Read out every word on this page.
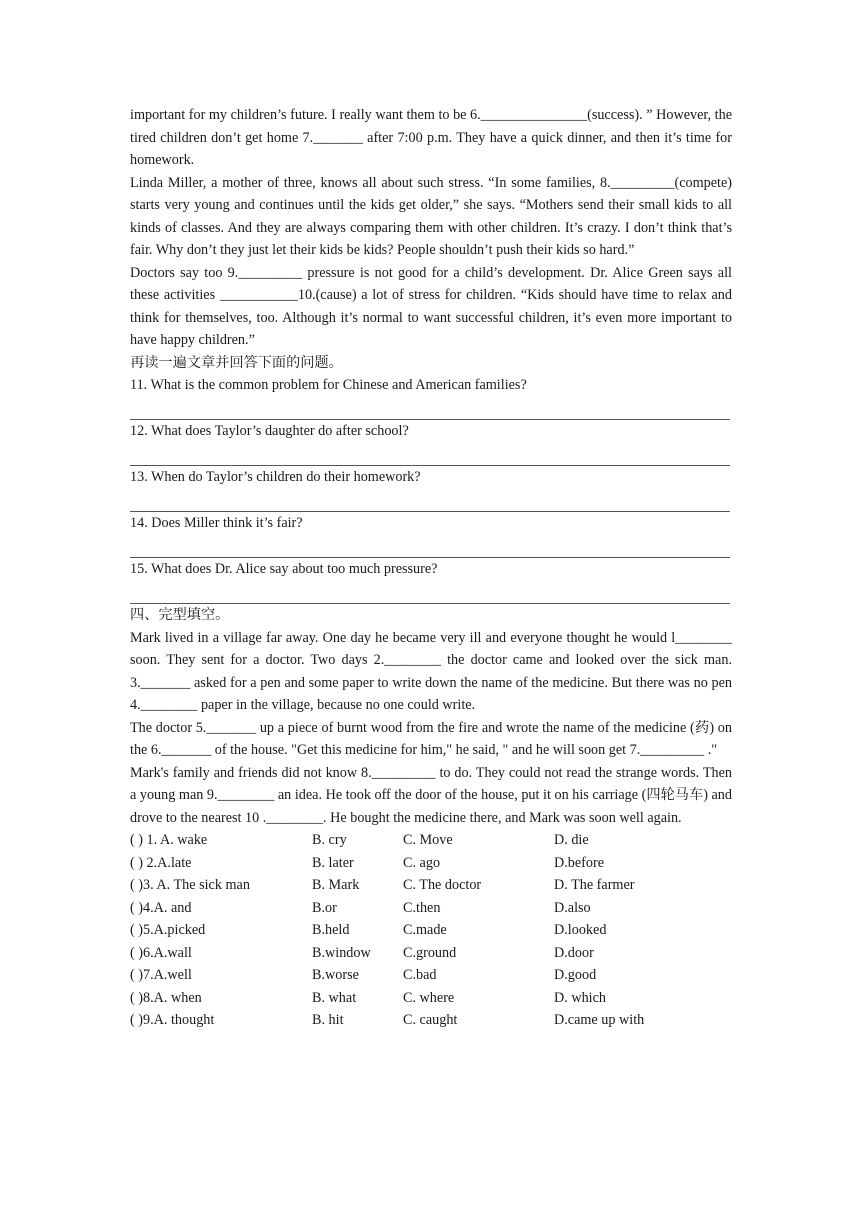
important for my children’s future. I really want them to be 6._______________(success). ” However, the tired children don’t get home 7._______ after 7:00 p.m. They have a quick dinner, and then it’s time for homework.

Linda Miller, a mother of three, knows all about such stress. “In some families, 8._________(compete) starts very young and continues until the kids get older,” she says. “Mothers send their small kids to all kinds of classes. And they are always comparing them with other children. It’s crazy. I don’t think that’s fair. Why don’t they just let their kids be kids? People shouldn’t push their kids so hard.”

Doctors say too 9._________ pressure is not good for a child’s development. Dr. Alice Green says all these activities ___________10.(cause) a lot of stress for children. “Kids should have time to relax and think for themselves, too. Although it’s normal to want successful children, it’s even more important to have happy children.”

再读一遍文章并回答下面的问题。

11. What is the common problem for Chinese and American families?

12. What does Taylor’s daughter do after school?

13. When do Taylor’s children do their homework?

14. Does Miller think it’s fair?

15. What does Dr. Alice say about too much pressure?

四、完型填空。

Mark lived in a village far away. One day he became very ill and everyone thought he would l________ soon. They sent for a doctor. Two days 2.________ the doctor came and looked over the sick man. 3._______ asked for a pen and some paper to write down the name of the medicine. But there was no pen 4.________ paper in the village, because no one could write.

The doctor 5._______ up a piece of burnt wood from the fire and wrote the name of the medicine (药) on the 6._______ of the house. "Get this medicine for him," he said, " and he will soon get 7._________ ."

Mark's family and friends did not know 8._________ to do. They could not read the strange words. Then a young man 9.________ an idea. He took off the door of the house, put it on his carriage (四轮马车) and drove to the nearest 10 .________. He bought the medicine there, and Mark was soon well again.

( ) 1. A. wake	B. cry	C. Move	D. die
( ) 2.A.late	B. later	C. ago	D.before
( )3. A. The sick man	B. Mark	C. The doctor	D. The farmer
( )4.A. and	B.or	C.then	D.also
( )5.A.picked	B.held	C.made	D.looked
( )6.A.wall	B.window C.ground	D.door
( )7.A.well	B.worse	C.bad	D.good
( )8.A. when	B. what	C. where	D. which
( )9.A. thought	B. hit	C. caught	D.came up with
